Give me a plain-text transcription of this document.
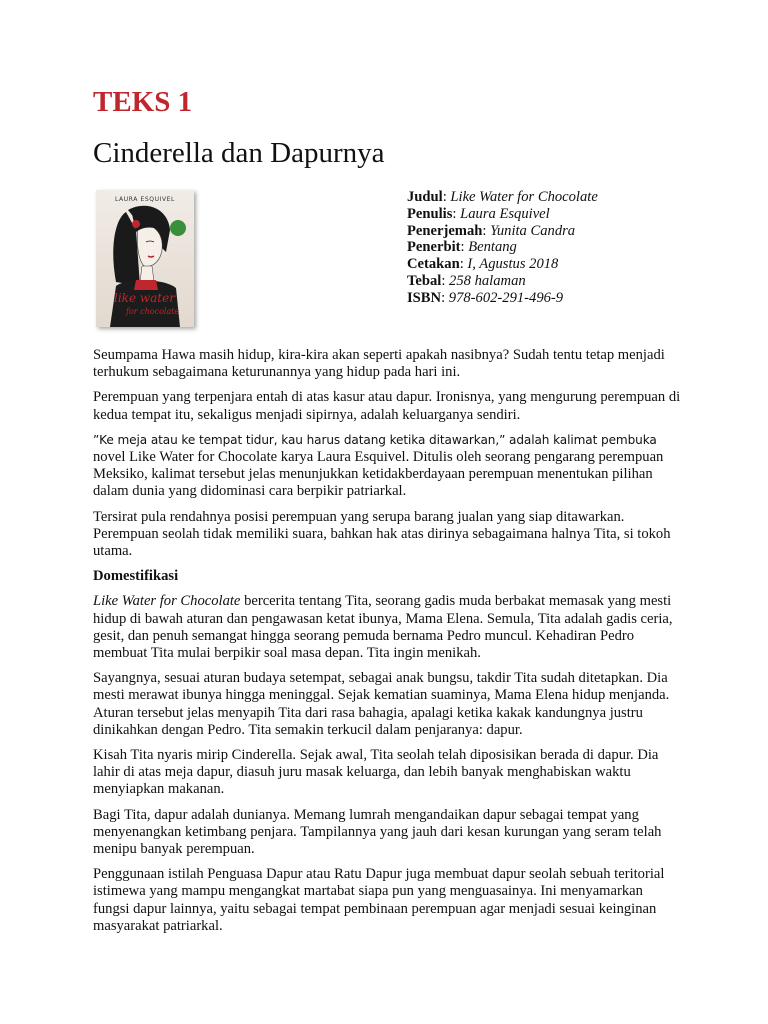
TEKS 1
Cinderella dan Dapurnya
LAURA ESQUIVEL
like water
for chocolate
Judul: Like Water for Chocolate
Penulis: Laura Esquivel
Penerjemah: Yunita Candra
Penerbit: Bentang
Cetakan: I, Agustus 2018
Tebal: 258 halaman
ISBN: 978-602-291-496-9

Seumpama Hawa masih hidup, kira-kira akan seperti apakah nasibnya? Sudah tentu tetap menjadi terhukum sebagaimana keturunannya yang hidup pada hari ini.

Perempuan yang terpenjara entah di atas kasur atau dapur. Ironisnya, yang mengurung perempuan di kedua tempat itu, sekaligus menjadi sipirnya, adalah keluarganya sendiri.

”Ke meja atau ke tempat tidur, kau harus datang ketika ditawarkan,” adalah kalimat pembuka
novel Like Water for Chocolate karya Laura Esquivel. Ditulis oleh seorang pengarang perempuan Meksiko, kalimat tersebut jelas menunjukkan ketidakberdayaan perempuan menentukan pilihan dalam dunia yang didominasi cara berpikir patriarkal.

Tersirat pula rendahnya posisi perempuan yang serupa barang jualan yang siap ditawarkan. Perempuan seolah tidak memiliki suara, bahkan hak atas dirinya sebagaimana halnya Tita, si tokoh utama.

Domestifikasi

Like Water for Chocolate bercerita tentang Tita, seorang gadis muda berbakat memasak yang mesti hidup di bawah aturan dan pengawasan ketat ibunya, Mama Elena. Semula, Tita adalah gadis ceria, gesit, dan penuh semangat hingga seorang pemuda bernama Pedro muncul. Kehadiran Pedro membuat Tita mulai berpikir soal masa depan. Tita ingin menikah.

Sayangnya, sesuai aturan budaya setempat, sebagai anak bungsu, takdir Tita sudah ditetapkan. Dia mesti merawat ibunya hingga meninggal. Sejak kematian suaminya, Mama Elena hidup menjanda. Aturan tersebut jelas menyapih Tita dari rasa bahagia, apalagi ketika kakak kandungnya justru dinikahkan dengan Pedro. Tita semakin terkucil dalam penjaranya: dapur.

Kisah Tita nyaris mirip Cinderella. Sejak awal, Tita seolah telah diposisikan berada di dapur. Dia lahir di atas meja dapur, diasuh juru masak keluarga, dan lebih banyak menghabiskan waktu menyiapkan makanan.

Bagi Tita, dapur adalah dunianya. Memang lumrah mengandaikan dapur sebagai tempat yang menyenangkan ketimbang penjara. Tampilannya yang jauh dari kesan kurungan yang seram telah menipu banyak perempuan.

Penggunaan istilah Penguasa Dapur atau Ratu Dapur juga membuat dapur seolah sebuah teritorial istimewa yang mampu mengangkat martabat siapa pun yang menguasainya. Ini menyamarkan fungsi dapur lainnya, yaitu sebagai tempat pembinaan perempuan agar menjadi sesuai keinginan masyarakat patriarkal.
